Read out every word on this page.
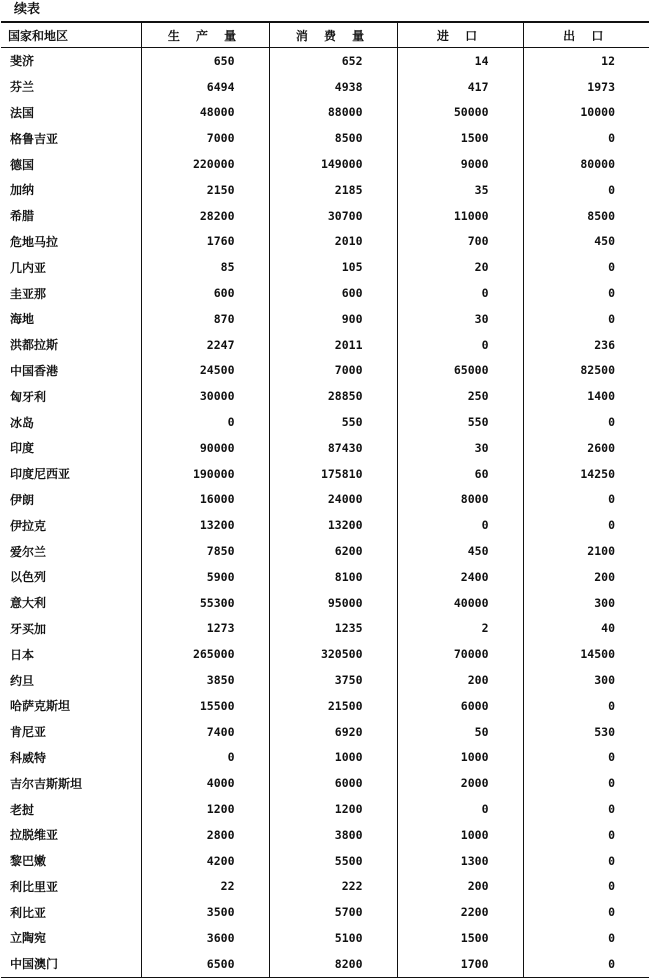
续表
国家和地区	生 产 量	消 费 量	进 口	出 口
斐济	650	652	14	12
芬兰	6494	4938	417	1973
法国	48000	88000	50000	10000
格鲁吉亚	7000	8500	1500	0
德国	220000	149000	9000	80000
加纳	2150	2185	35	0
希腊	28200	30700	11000	8500
危地马拉	1760	2010	700	450
几内亚	85	105	20	0
圭亚那	600	600	0	0
海地	870	900	30	0
洪都拉斯	2247	2011	0	236
中国香港	24500	7000	65000	82500
匈牙利	30000	28850	250	1400
冰岛	0	550	550	0
印度	90000	87430	30	2600
印度尼西亚	190000	175810	60	14250
伊朗	16000	24000	8000	0
伊拉克	13200	13200	0	0
爱尔兰	7850	6200	450	2100
以色列	5900	8100	2400	200
意大利	55300	95000	40000	300
牙买加	1273	1235	2	40
日本	265000	320500	70000	14500
约旦	3850	3750	200	300
哈萨克斯坦	15500	21500	6000	0
肯尼亚	7400	6920	50	530
科威特	0	1000	1000	0
吉尔吉斯斯坦	4000	6000	2000	0
老挝	1200	1200	0	0
拉脱维亚	2800	3800	1000	0
黎巴嫩	4200	5500	1300	0
利比里亚	22	222	200	0
利比亚	3500	5700	2200	0
立陶宛	3600	5100	1500	0
中国澳门	6500	8200	1700	0
